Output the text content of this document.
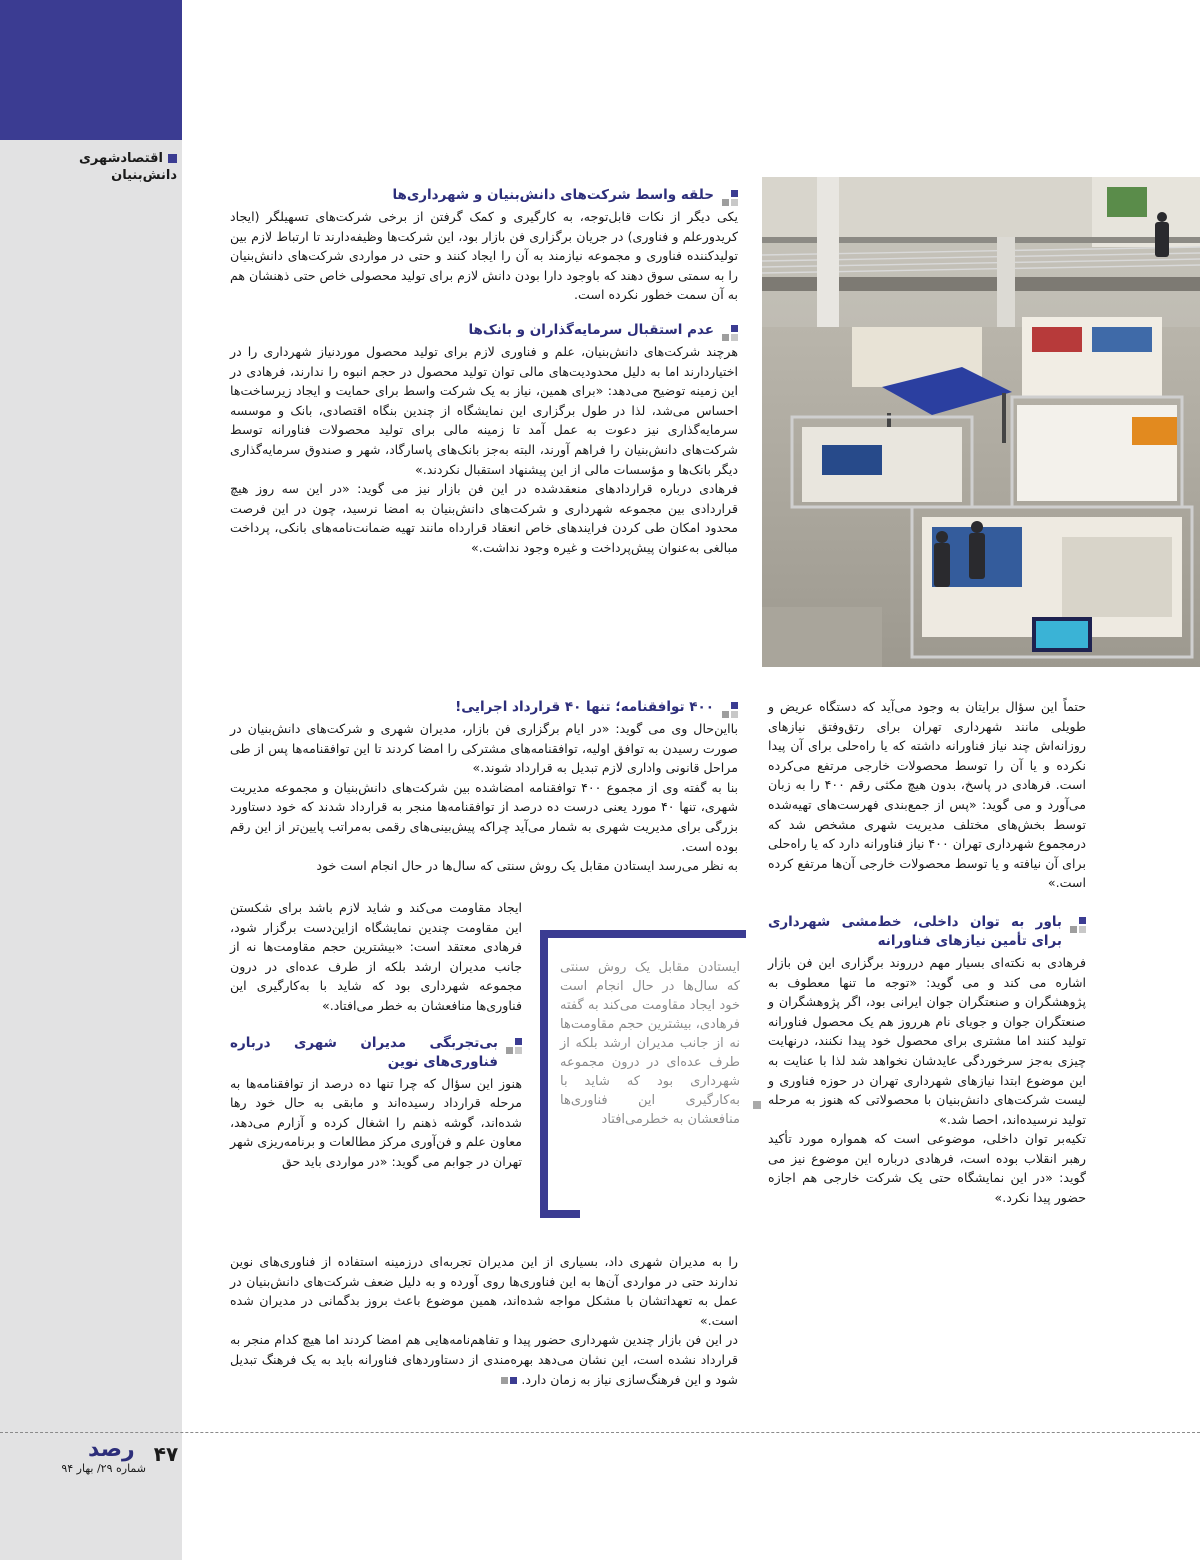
اقتصادشهری
دانش‌بنیان
حلقه واسط شرکت‌های دانش‌بنیان و شهرداری‌ها

یکی دیگر از نکات قابل‌توجه، به کارگیری و کمک گرفتن از برخی شرکت‌های تسهیلگر (ایجاد کریدورعلم و فناوری) در جریان برگزاری فن بازار بود، این شرکت‌ها وظیفه‌دارند تا ارتباط لازم بین تولیدکننده فناوری و مجموعه نیازمند به آن را ایجاد کنند و حتی در مواردی شرکت‌های دانش‌بنیان را به سمتی سوق دهند که باوجود دارا بودن دانش لازم برای تولید محصولی خاص حتی ذهنشان هم به آن سمت خطور نکرده است.

عدم استقبال سرمایه‌گذاران و بانک‌ها

هرچند شرکت‌های دانش‌بنیان، علم و فناوری لازم برای تولید محصول موردنیاز شهرداری را در اختیاردارند اما به دلیل محدودیت‌های مالی توان تولید محصول در حجم انبوه را ندارند، فرهادی در این زمینه توضیح می‌دهد: «برای همین، نیاز به یک شرکت واسط برای حمایت و ایجاد زیرساخت‌ها احساس می‌شد، لذا در طول برگزاری این نمایشگاه از چندین بنگاه اقتصادی، بانک و موسسه سرمایه‌گذاری نیز دعوت به عمل آمد تا زمینه مالی برای تولید محصولات فناورانه توسط شرکت‌های دانش‌بنیان را فراهم آورند، البته به‌جز بانک‌های پاسارگاد، شهر و صندوق سرمایه‌گذاری دیگر بانک‌ها و مؤسسات مالی از این پیشنهاد استقبال نکردند.»

فرهادی درباره قراردادهای منعقدشده در این فن بازار نیز می گوید: «در این سه روز هیچ قراردادی بین مجموعه شهرداری و شرکت‌های دانش‌بنیان به امضا نرسید، چون در این فرصت محدود امکان طی کردن فرایندهای خاص انعقاد قرارداه مانند تهیه ضمانت‌نامه‌های بانکی، پرداخت مبالغی به‌عنوان پیش‌پرداخت و غیره وجود نداشت.»

۴۰۰ توافقنامه؛ تنها ۴۰ قرارداد اجرایی!

بااین‌حال وی می گوید: «در ایام برگزاری فن بازار، مدیران شهری و شرکت‌های دانش‌بنیان در صورت رسیدن به توافق اولیه، توافقنامه‌های مشترکی را امضا کردند تا این توافقنامه‌ها پس از طی مراحل قانونی واداری لازم تبدیل به قرارداد شوند.»

بنا به گفته وی از مجموع ۴۰۰ توافقنامه امضاشده بین شرکت‌های دانش‌بنیان و مجموعه مدیریت شهری، تنها ۴۰ مورد یعنی درست ده درصد از توافقنامه‌ها منجر به قرارداد شدند که خود دستاورد بزرگی برای مدیریت شهری به شمار می‌آید چراکه پیش‌بینی‌های رقمی به‌مراتب پایین‌تر از این رقم بوده است.

به نظر می‌رسد ایستادن مقابل یک روش سنتی که سال‌ها در حال انجام است خود

ایجاد مقاومت می‌کند و شاید لازم باشد برای شکستن این مقاومت چندین نمایشگاه ازاین‌دست برگزار شود، فرهادی معتقد است: «بیشترین حجم مقاومت‌ها نه از جانب مدیران ارشد بلکه از طرف عده‌ای در درون مجموعه شهرداری بود که شاید با به‌کارگیری این فناوری‌ها منافعشان به خطر می‌افتاد.»

بی‌تجربگی مدیران شهری درباره فناوری‌های نوین

هنوز این سؤال که چرا تنها ده درصد از توافقنامه‌ها به مرحله قرارداد رسیده‌اند و مابقی به حال خود رها شده‌اند، گوشه ذهنم را اشغال کرده و آزارم می‌دهد، معاون علم و فن‌آوری مرکز مطالعات و برنامه‌ریزی شهر تهران در جوابم می گوید: «در مواردی باید حق

را به مدیران شهری داد، بسیاری از این مدیران تجربه‌ای درزمینه استفاده از فناوری‌های نوین ندارند حتی در مواردی آن‌ها به این فناوری‌ها روی آورده و به دلیل ضعف شرکت‌های دانش‌بنیان در عمل به تعهداتشان با مشکل مواجه شده‌اند، همین موضوع باعث بروز بدگمانی در مدیران شده است.»

در این فن بازار چندین شهرداری حضور پیدا و تفاهم‌نامه‌هایی هم امضا کردند اما هیچ کدام منجر به قرارداد نشده است، این نشان می‌دهد بهره‌مندی از دستاوردهای فناورانه باید به یک فرهنگ تبدیل شود و این فرهنگ‌سازی نیاز به زمان دارد.

ایستادن مقابل یک روش سنتی که سال‌ها در حال انجام است خود ایجاد مقاومت می‌کند به گفته فرهادی، بیشترین حجم مقاومت‌ها نه از جانب مدیران ارشد بلکه از طرف عده‌ای در درون مجموعه شهرداری بود که شاید با به‌کارگیری این فناوری‌ها منافعشان به خطرمی‌افتاد

حتماً این سؤال برایتان به وجود می‌آید که دستگاه عریض و طویلی مانند شهرداری تهران برای رتق‌وفتق نیازهای روزانه‌اش چند نیاز فناورانه داشته که یا راه‌حلی برای آن پیدا نکرده و یا آن را توسط محصولات خارجی مرتفع می‌کرده است. فرهادی در پاسخ، بدون هیچ مکثی رقم ۴۰۰ را به زبان می‌آورد و می گوید: «پس از جمع‌بندی فهرست‌های تهیه‌شده توسط بخش‌های مختلف مدیریت شهری مشخص شد که درمجموع شهرداری تهران ۴۰۰ نیاز فناورانه دارد که یا راه‌حلی برای آن نیافته و یا توسط محصولات خارجی آن‌ها مرتفع کرده است.»

باور به توان داخلی، خط‌مشی شهرداری برای تأمین نیازهای فناورانه

فرهادی به نکته‌ای بسیار مهم درروند برگزاری این فن بازار اشاره می کند و می گوید: «توجه ما تنها معطوف به پژوهشگران و صنعتگران جوان ایرانی بود، اگر پژوهشگران و صنعتگران جوان و جویای نام هرروز هم یک محصول فناورانه تولید کنند اما مشتری برای محصول خود پیدا نکنند، درنهایت چیزی به‌جز سرخوردگی عایدشان نخواهد شد لذا با عنایت به این موضوع ابتدا نیازهای شهرداری تهران در حوزه فناوری و لیست شرکت‌های دانش‌بنیان با محصولاتی که هنوز به مرحله تولید نرسیده‌اند، احصا شد.»

تکیه‌بر توان داخلی، موضوعی است که همواره مورد تأکید رهبر انقلاب بوده است، فرهادی درباره این موضوع نیز می گوید: «در این نمایشگاه حتی یک شرکت خارجی هم اجازه حضور پیدا نکرد.»

۴۷
رصد
شماره ۲۹/ بهار ۹۴
